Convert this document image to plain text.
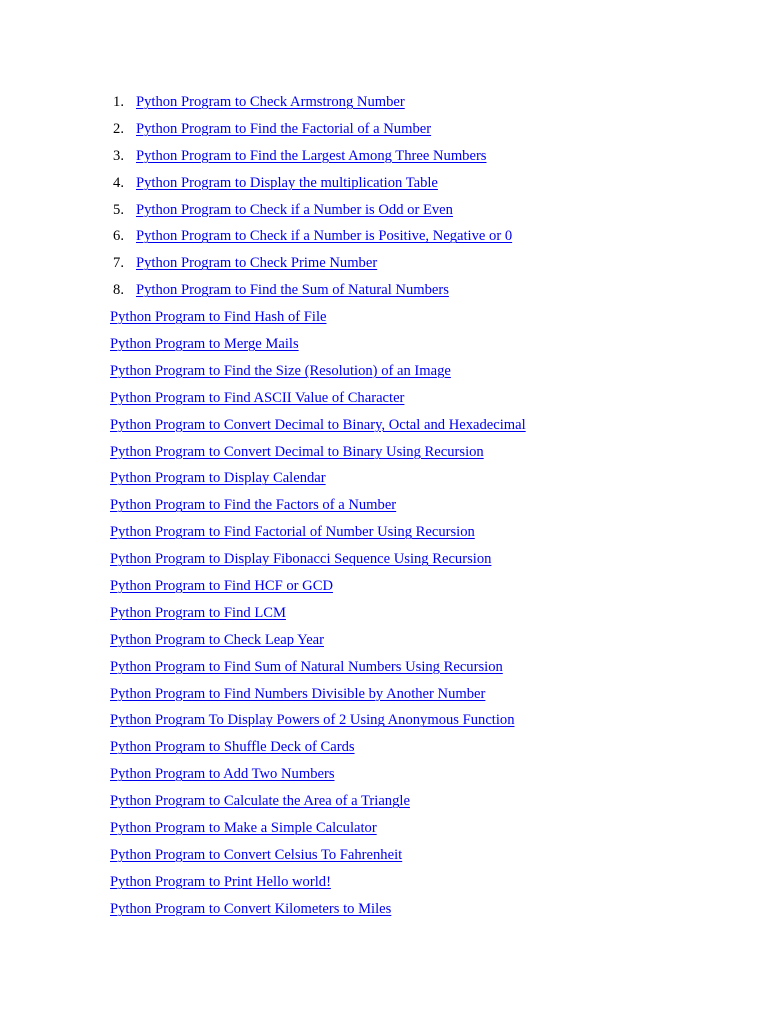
1. Python Program to Check Armstrong Number
2. Python Program to Find the Factorial of a Number
3. Python Program to Find the Largest Among Three Numbers
4. Python Program to Display the multiplication Table
5. Python Program to Check if a Number is Odd or Even
6. Python Program to Check if a Number is Positive, Negative or 0
7. Python Program to Check Prime Number
8. Python Program to Find the Sum of Natural Numbers
Python Program to Find Hash of File
Python Program to Merge Mails
Python Program to Find the Size (Resolution) of an Image
Python Program to Find ASCII Value of Character
Python Program to Convert Decimal to Binary, Octal and Hexadecimal
Python Program to Convert Decimal to Binary Using Recursion
Python Program to Display Calendar
Python Program to Find the Factors of a Number
Python Program to Find Factorial of Number Using Recursion
Python Program to Display Fibonacci Sequence Using Recursion
Python Program to Find HCF or GCD
Python Program to Find LCM
Python Program to Check Leap Year
Python Program to Find Sum of Natural Numbers Using Recursion
Python Program to Find Numbers Divisible by Another Number
Python Program To Display Powers of 2 Using Anonymous Function
Python Program to Shuffle Deck of Cards
Python Program to Add Two Numbers
Python Program to Calculate the Area of a Triangle
Python Program to Make a Simple Calculator
Python Program to Convert Celsius To Fahrenheit
Python Program to Print Hello world!
Python Program to Convert Kilometers to Miles
